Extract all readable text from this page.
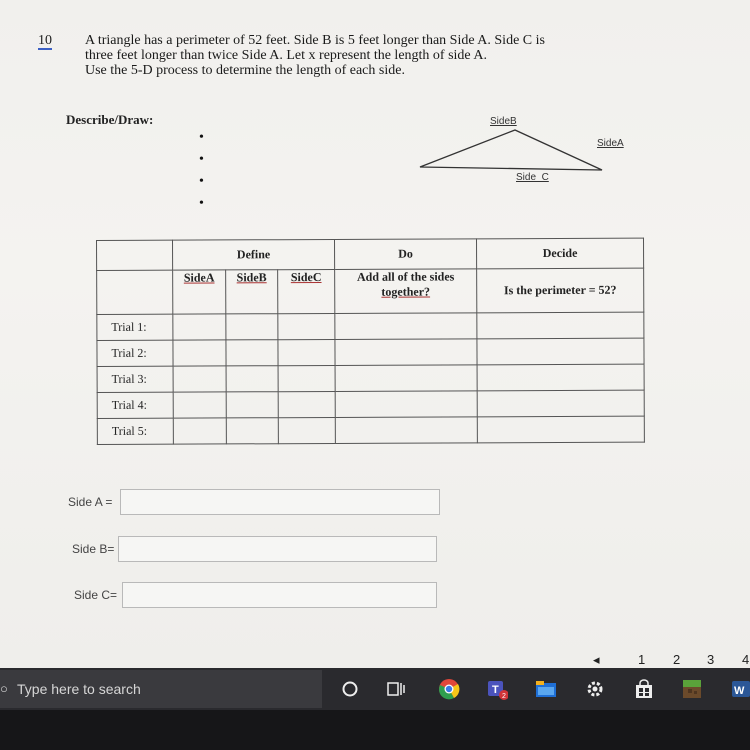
10 A triangle has a perimeter of 52 feet. Side B is 5 feet longer than Side A. Side C is
three feet longer than twice Side A. Let x represent the length of side A.
Use the 5-D process to determine the length of each side.
Describe/Draw:
•
•
•
•
SideB
SideA
Side  C
	Define			Do	Decide
	SideA	SideB	SideC	Add all of the sides
together?	Is the perimeter = 52?
Trial 1:					
Trial 2:					
Trial 3:					
Trial 4:					
Trial 5:					
Side A =
Side B=
Side C=
◂	1 2 3 4
○ Type here to search	T
2	W
